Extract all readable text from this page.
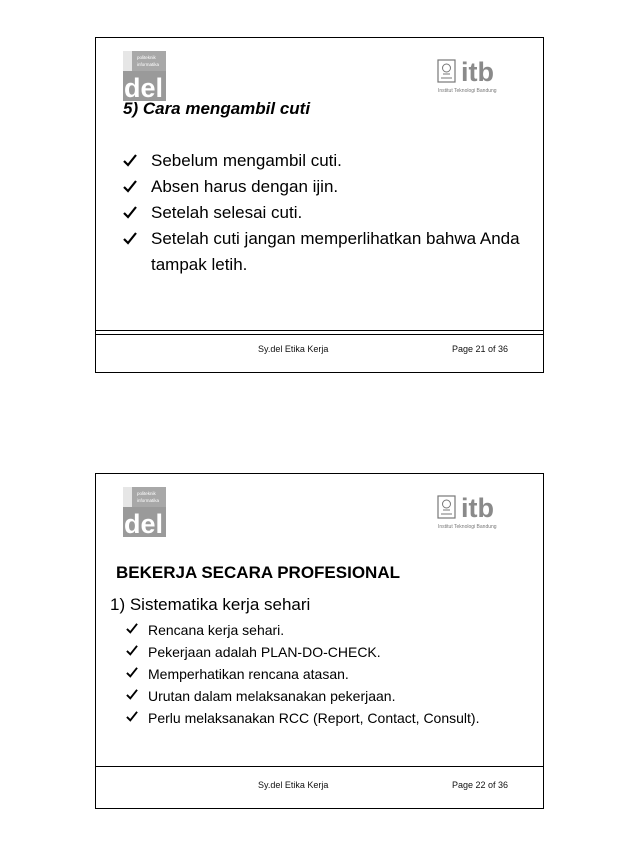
politeknik
informatika
del
itb
Institut Teknologi Bandung
5) Cara mengambil cuti
Sebelum mengambil cuti.
Absen harus dengan ijin.
Setelah selesai cuti.
Setelah cuti jangan memperlihatkan bahwa Anda tampak letih.
Sy.del Etika Kerja	Page 21 of 36
politeknik
informatika
del
itb
Institut Teknologi Bandung
BEKERJA SECARA PROFESIONAL
1) Sistematika kerja sehari
Rencana kerja sehari.
Pekerjaan adalah PLAN-DO-CHECK.
Memperhatikan rencana atasan.
Urutan dalam melaksanakan pekerjaan.
Perlu melaksanakan RCC (Report, Contact, Consult).
Sy.del Etika Kerja	Page 22 of 36
